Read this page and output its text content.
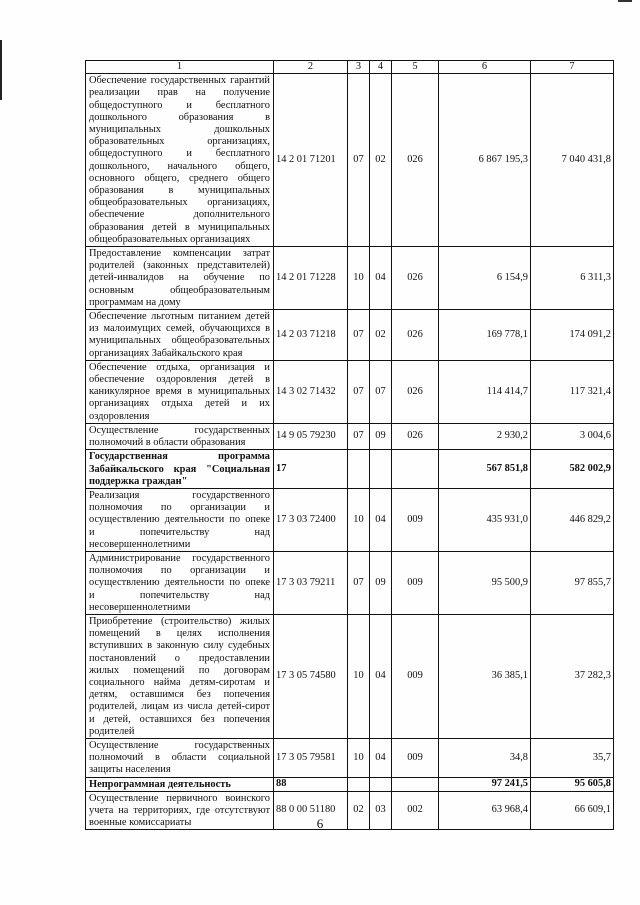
1	2	3	4	5	6	7
Обеспечение государственных гарантий реализации прав на получение общедоступного и бесплатного дошкольного образования в муниципальных дошкольных образовательных организациях, общедоступного и бесплатного дошкольного, начального общего, основного общего, среднего общего образования в муниципальных общеобразовательных организациях, обеспечение дополнительного образования детей в муниципальных общеобразовательных организациях	14 2 01 71201	07	02	026	6 867 195,3	7 040 431,8
Предоставление компенсации затрат родителей (законных представителей) детей-инвалидов на обучение по основным общеобразовательным программам на дому	14 2 01 71228	10	04	026	6 154,9	6 311,3
Обеспечение льготным питанием детей из малоимущих семей, обучающихся в муниципальных общеобразовательных организациях Забайкальского края	14 2 03 71218	07	02	026	169 778,1	174 091,2
Обеспечение отдыха, организация и обеспечение оздоровления детей в каникулярное время в муниципальных организациях отдыха детей и их оздоровления	14 3 02 71432	07	07	026	114 414,7	117 321,4
Осуществление государственных полномочий в области образования	14 9 05 79230	07	09	026	2 930,2	3 004,6
Государственная программа Забайкальского края "Социальная поддержка граждан"	17				567 851,8	582 002,9
Реализация государственного полномочия по организации и осуществлению деятельности по опеке и попечительству над несовершеннолетними	17 3 03 72400	10	04	009	435 931,0	446 829,2
Администрирование государственного полномочия по организации и осуществлению деятельности по опеке и попечительству над несовершеннолетними	17 3 03 79211	07	09	009	95 500,9	97 855,7
Приобретение (строительство) жилых помещений в целях исполнения вступивших в законную силу судебных постановлений о предоставлении жилых помещений по договорам социального найма детям-сиротам и детям, оставшимся без попечения родителей, лицам из числа детей-сирот и детей, оставшихся без попечения родителей	17 3 05 74580	10	04	009	36 385,1	37 282,3
Осуществление государственных полномочий в области социальной защиты населения	17 3 05 79581	10	04	009	34,8	35,7
Непрограммная деятельность	88				97 241,5	95 605,8
Осуществление первичного воинского учета на территориях, где отсутствуют военные комиссариаты	88 0 00 51180	02	03	002	63 968,4	66 609,1
6
